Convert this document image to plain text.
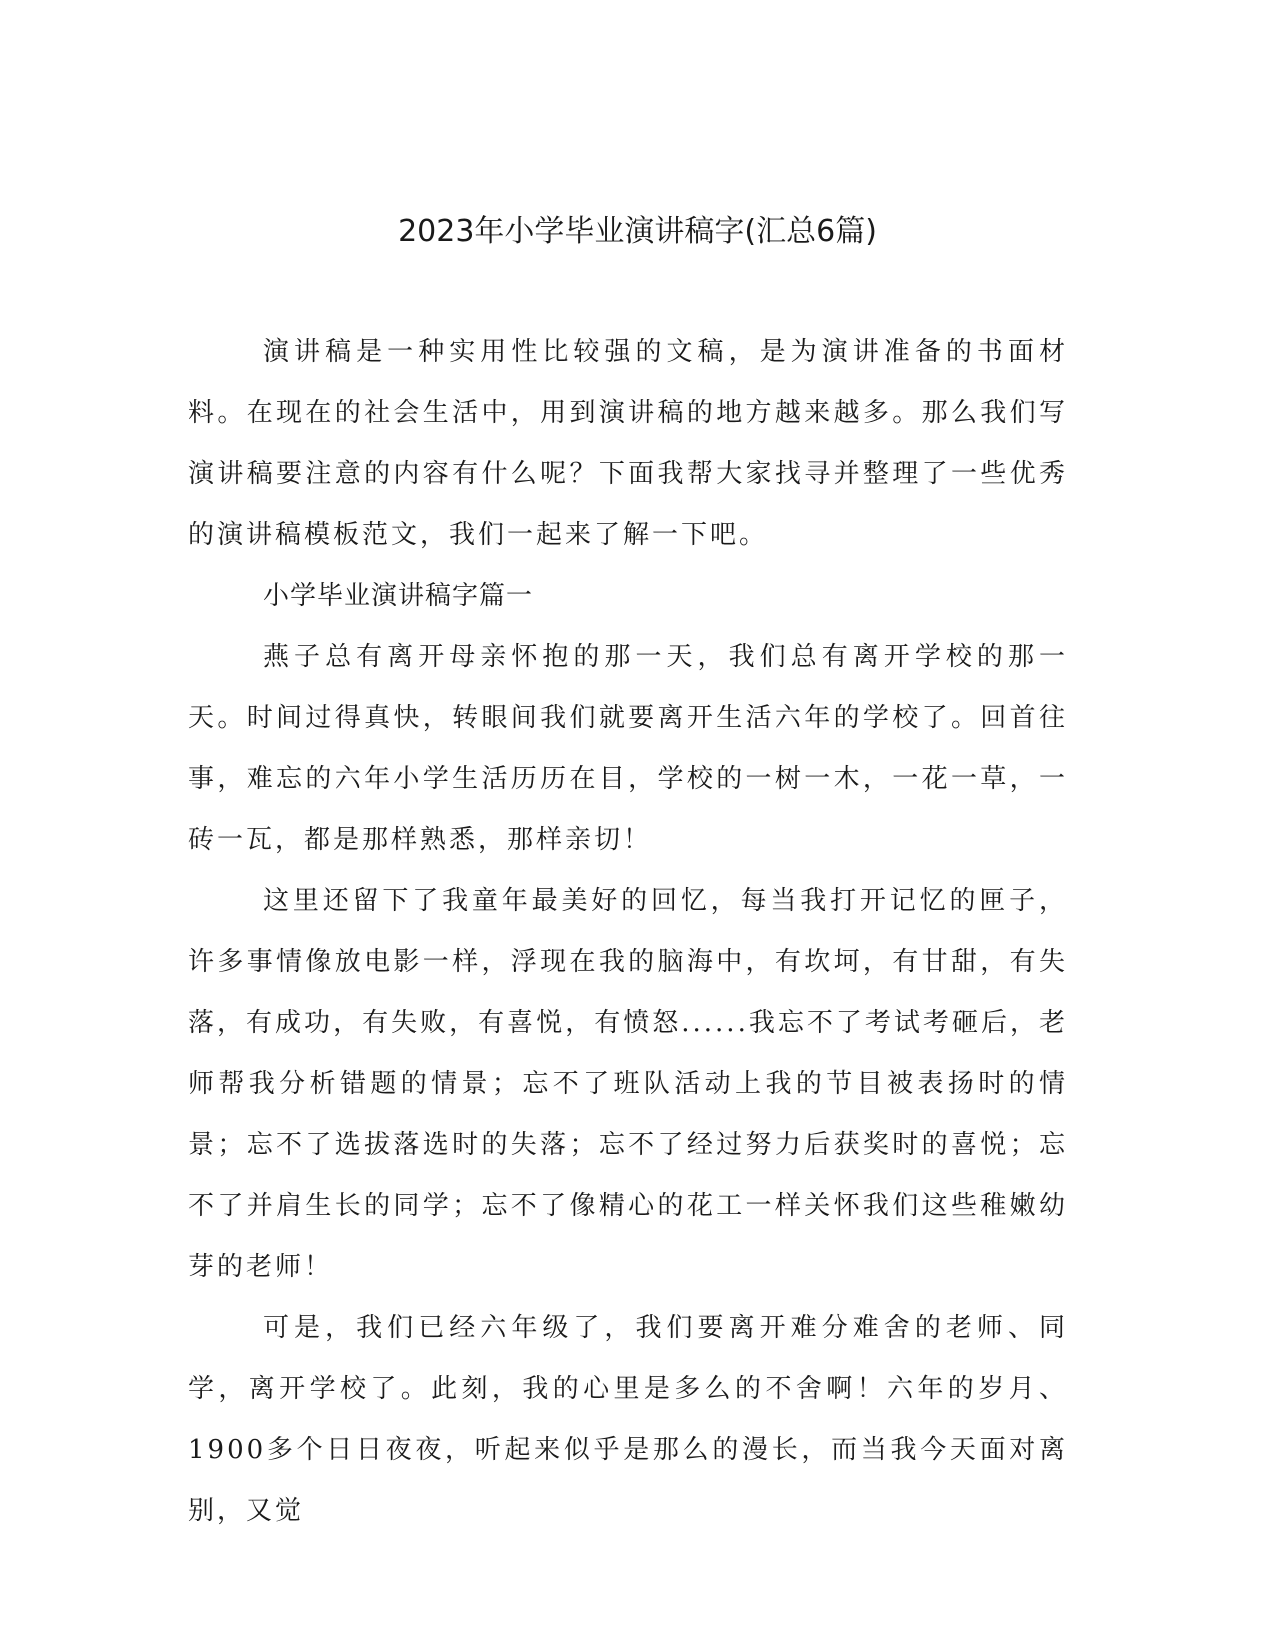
2023年小学毕业演讲稿字(汇总6篇)

演讲稿是一种实用性比较强的文稿，是为演讲准备的书面材料。在现在的社会生活中，用到演讲稿的地方越来越多。那么我们写演讲稿要注意的内容有什么呢？下面我帮大家找寻并整理了一些优秀的演讲稿模板范文，我们一起来了解一下吧。

小学毕业演讲稿字篇一

燕子总有离开母亲怀抱的那一天，我们总有离开学校的那一天。时间过得真快，转眼间我们就要离开生活六年的学校了。回首往事，难忘的六年小学生活历历在目，学校的一树一木，一花一草，一砖一瓦，都是那样熟悉，那样亲切！

这里还留下了我童年最美好的回忆，每当我打开记忆的匣子，许多事情像放电影一样，浮现在我的脑海中，有坎坷，有甘甜，有失落，有成功，有失败，有喜悦，有愤怒......我忘不了考试考砸后，老师帮我分析错题的情景；忘不了班队活动上我的节目被表扬时的情景；忘不了选拔落选时的失落；忘不了经过努力后获奖时的喜悦；忘不了并肩生长的同学；忘不了像精心的花工一样关怀我们这些稚嫩幼芽的老师！

可是，我们已经六年级了，我们要离开难分难舍的老师、同学，离开学校了。此刻，我的心里是多么的不舍啊！六年的岁月、1900多个日日夜夜，听起来似乎是那么的漫长，而当我今天面对离别，又觉
